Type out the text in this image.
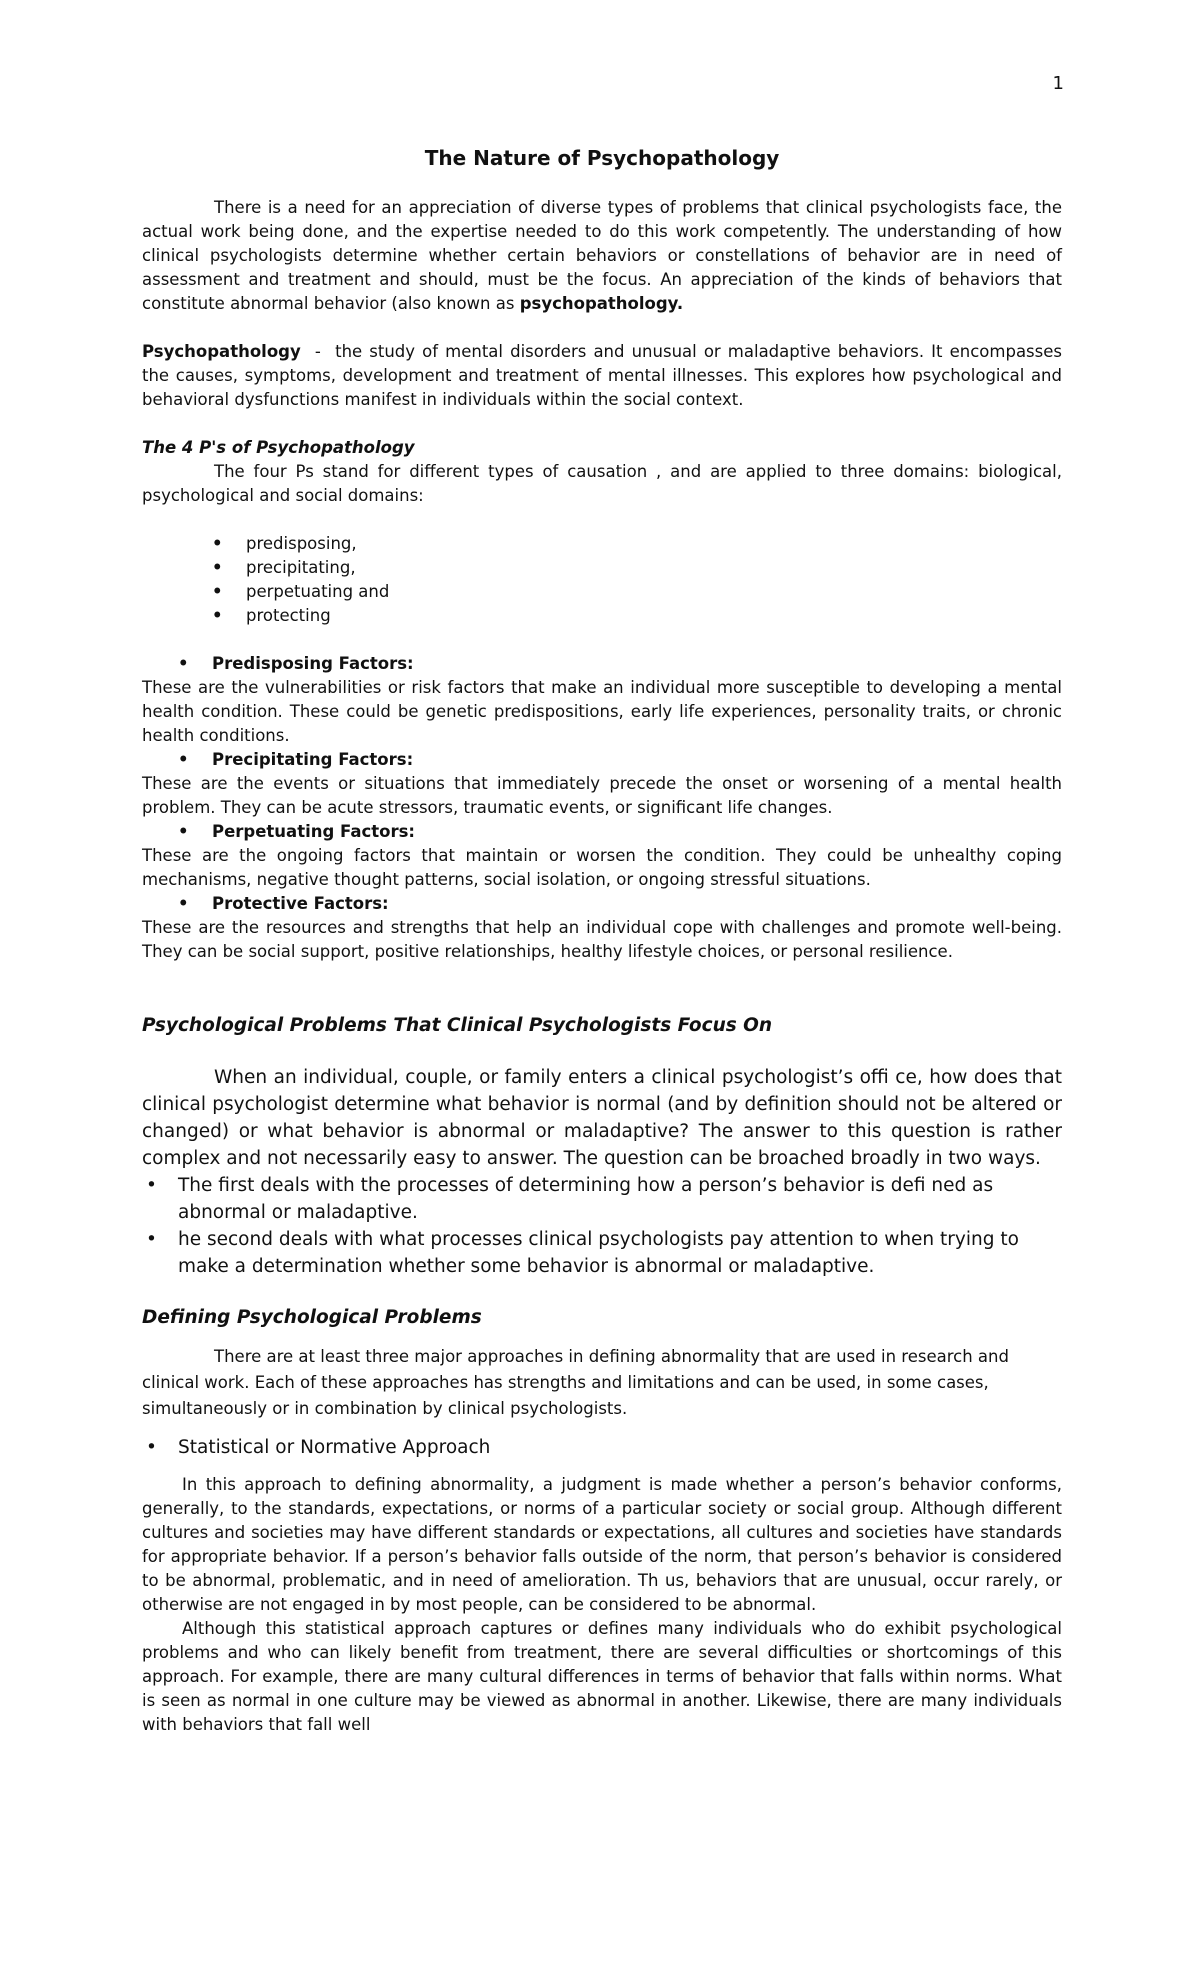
1
The Nature of Psychopathology

There is a need for an appreciation of diverse types of problems that clinical psychologists face, the actual work being done, and the expertise needed to do this work competently. The understanding of how clinical psychologists determine whether certain behaviors or constellations of behavior are in need of assessment and treatment and should, must be the focus. An appreciation of the kinds of behaviors that constitute abnormal behavior (also known as psychopathology.

Psychopathology  -  the study of mental disorders and unusual or maladaptive behaviors. It encompasses the causes, symptoms, development and treatment of mental illnesses. This explores how psychological and behavioral dysfunctions manifest in individuals within the social context.

The 4 P's of Psychopathology

The four Ps stand for different types of causation , and are applied to three domains: biological, psychological and social domains:

• predisposing,
• precipitating,
• perpetuating and
• protecting

• Predisposing Factors:

These are the vulnerabilities or risk factors that make an individual more susceptible to developing a mental health condition. These could be genetic predispositions, early life experiences, personality traits, or chronic health conditions.

• Precipitating Factors:

These are the events or situations that immediately precede the onset or worsening of a mental health problem. They can be acute stressors, traumatic events, or significant life changes.

• Perpetuating Factors:

These are the ongoing factors that maintain or worsen the condition. They could be unhealthy coping mechanisms, negative thought patterns, social isolation, or ongoing stressful situations.

• Protective Factors:

These are the resources and strengths that help an individual cope with challenges and promote well-being. They can be social support, positive relationships, healthy lifestyle choices, or personal resilience.

Psychological Problems That Clinical Psychologists Focus On

When an individual, couple, or family enters a clinical psychologist’s offi ce, how does that clinical psychologist determine what behavior is normal (and by definition should not be altered or changed) or what behavior is abnormal or maladaptive? The answer to this question is rather complex and not necessarily easy to answer. The question can be broached broadly in two ways.

• The first deals with the processes of determining how a person’s behavior is defi ned as abnormal or maladaptive.
• he second deals with what processes clinical psychologists pay attention to when trying to make a determination whether some behavior is abnormal or maladaptive.

Defining Psychological Problems

There are at least three major approaches in defining abnormality that are used in research and clinical work. Each of these approaches has strengths and limitations and can be used, in some cases, simultaneously or in combination by clinical psychologists.

• Statistical or Normative Approach

In this approach to defining abnormality, a judgment is made whether a person’s behavior conforms, generally, to the standards, expectations, or norms of a particular society or social group. Although different cultures and societies may have different standards or expectations, all cultures and societies have standards for appropriate behavior. If a person’s behavior falls outside of the norm, that person’s behavior is considered to be abnormal, problematic, and in need of amelioration. Th us, behaviors that are unusual, occur rarely, or otherwise are not engaged in by most people, can be considered to be abnormal.

Although this statistical approach captures or defines many individuals who do exhibit psychological problems and who can likely benefit from treatment, there are several difficulties or shortcomings of this approach. For example, there are many cultural differences in terms of behavior that falls within norms. What is seen as normal in one culture may be viewed as abnormal in another. Likewise, there are many individuals with behaviors that fall well
